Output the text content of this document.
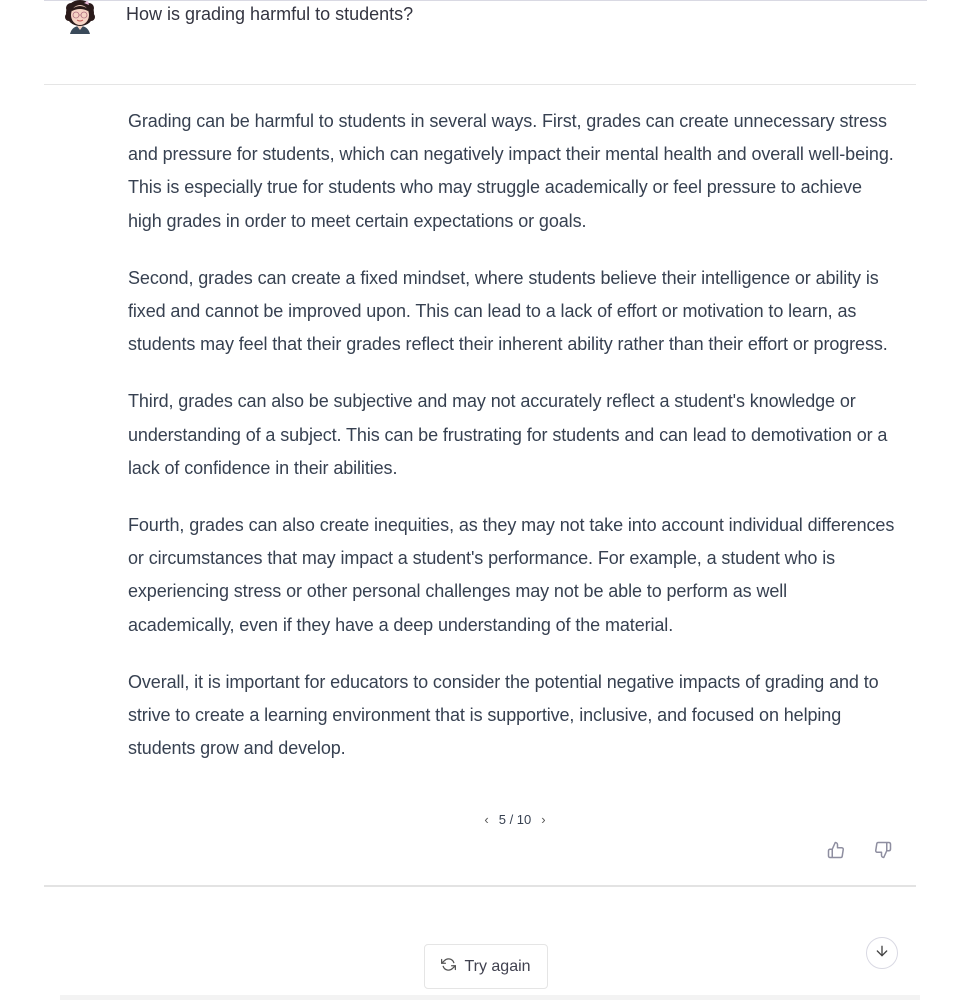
How is grading harmful to students?

Grading can be harmful to students in several ways. First, grades can create unnecessary stress and pressure for students, which can negatively impact their mental health and overall well-being. This is especially true for students who may struggle academically or feel pressure to achieve high grades in order to meet certain expectations or goals.

Second, grades can create a fixed mindset, where students believe their intelligence or ability is fixed and cannot be improved upon. This can lead to a lack of effort or motivation to learn, as students may feel that their grades reflect their inherent ability rather than their effort or progress.

Third, grades can also be subjective and may not accurately reflect a student's knowledge or understanding of a subject. This can be frustrating for students and can lead to demotivation or a lack of confidence in their abilities.

Fourth, grades can also create inequities, as they may not take into account individual differences or circumstances that may impact a student's performance. For example, a student who is experiencing stress or other personal challenges may not be able to perform as well academically, even if they have a deep understanding of the material.

Overall, it is important for educators to consider the potential negative impacts of grading and to strive to create a learning environment that is supportive, inclusive, and focused on helping students grow and develop.

‹ 5 / 10 ›
Try again
